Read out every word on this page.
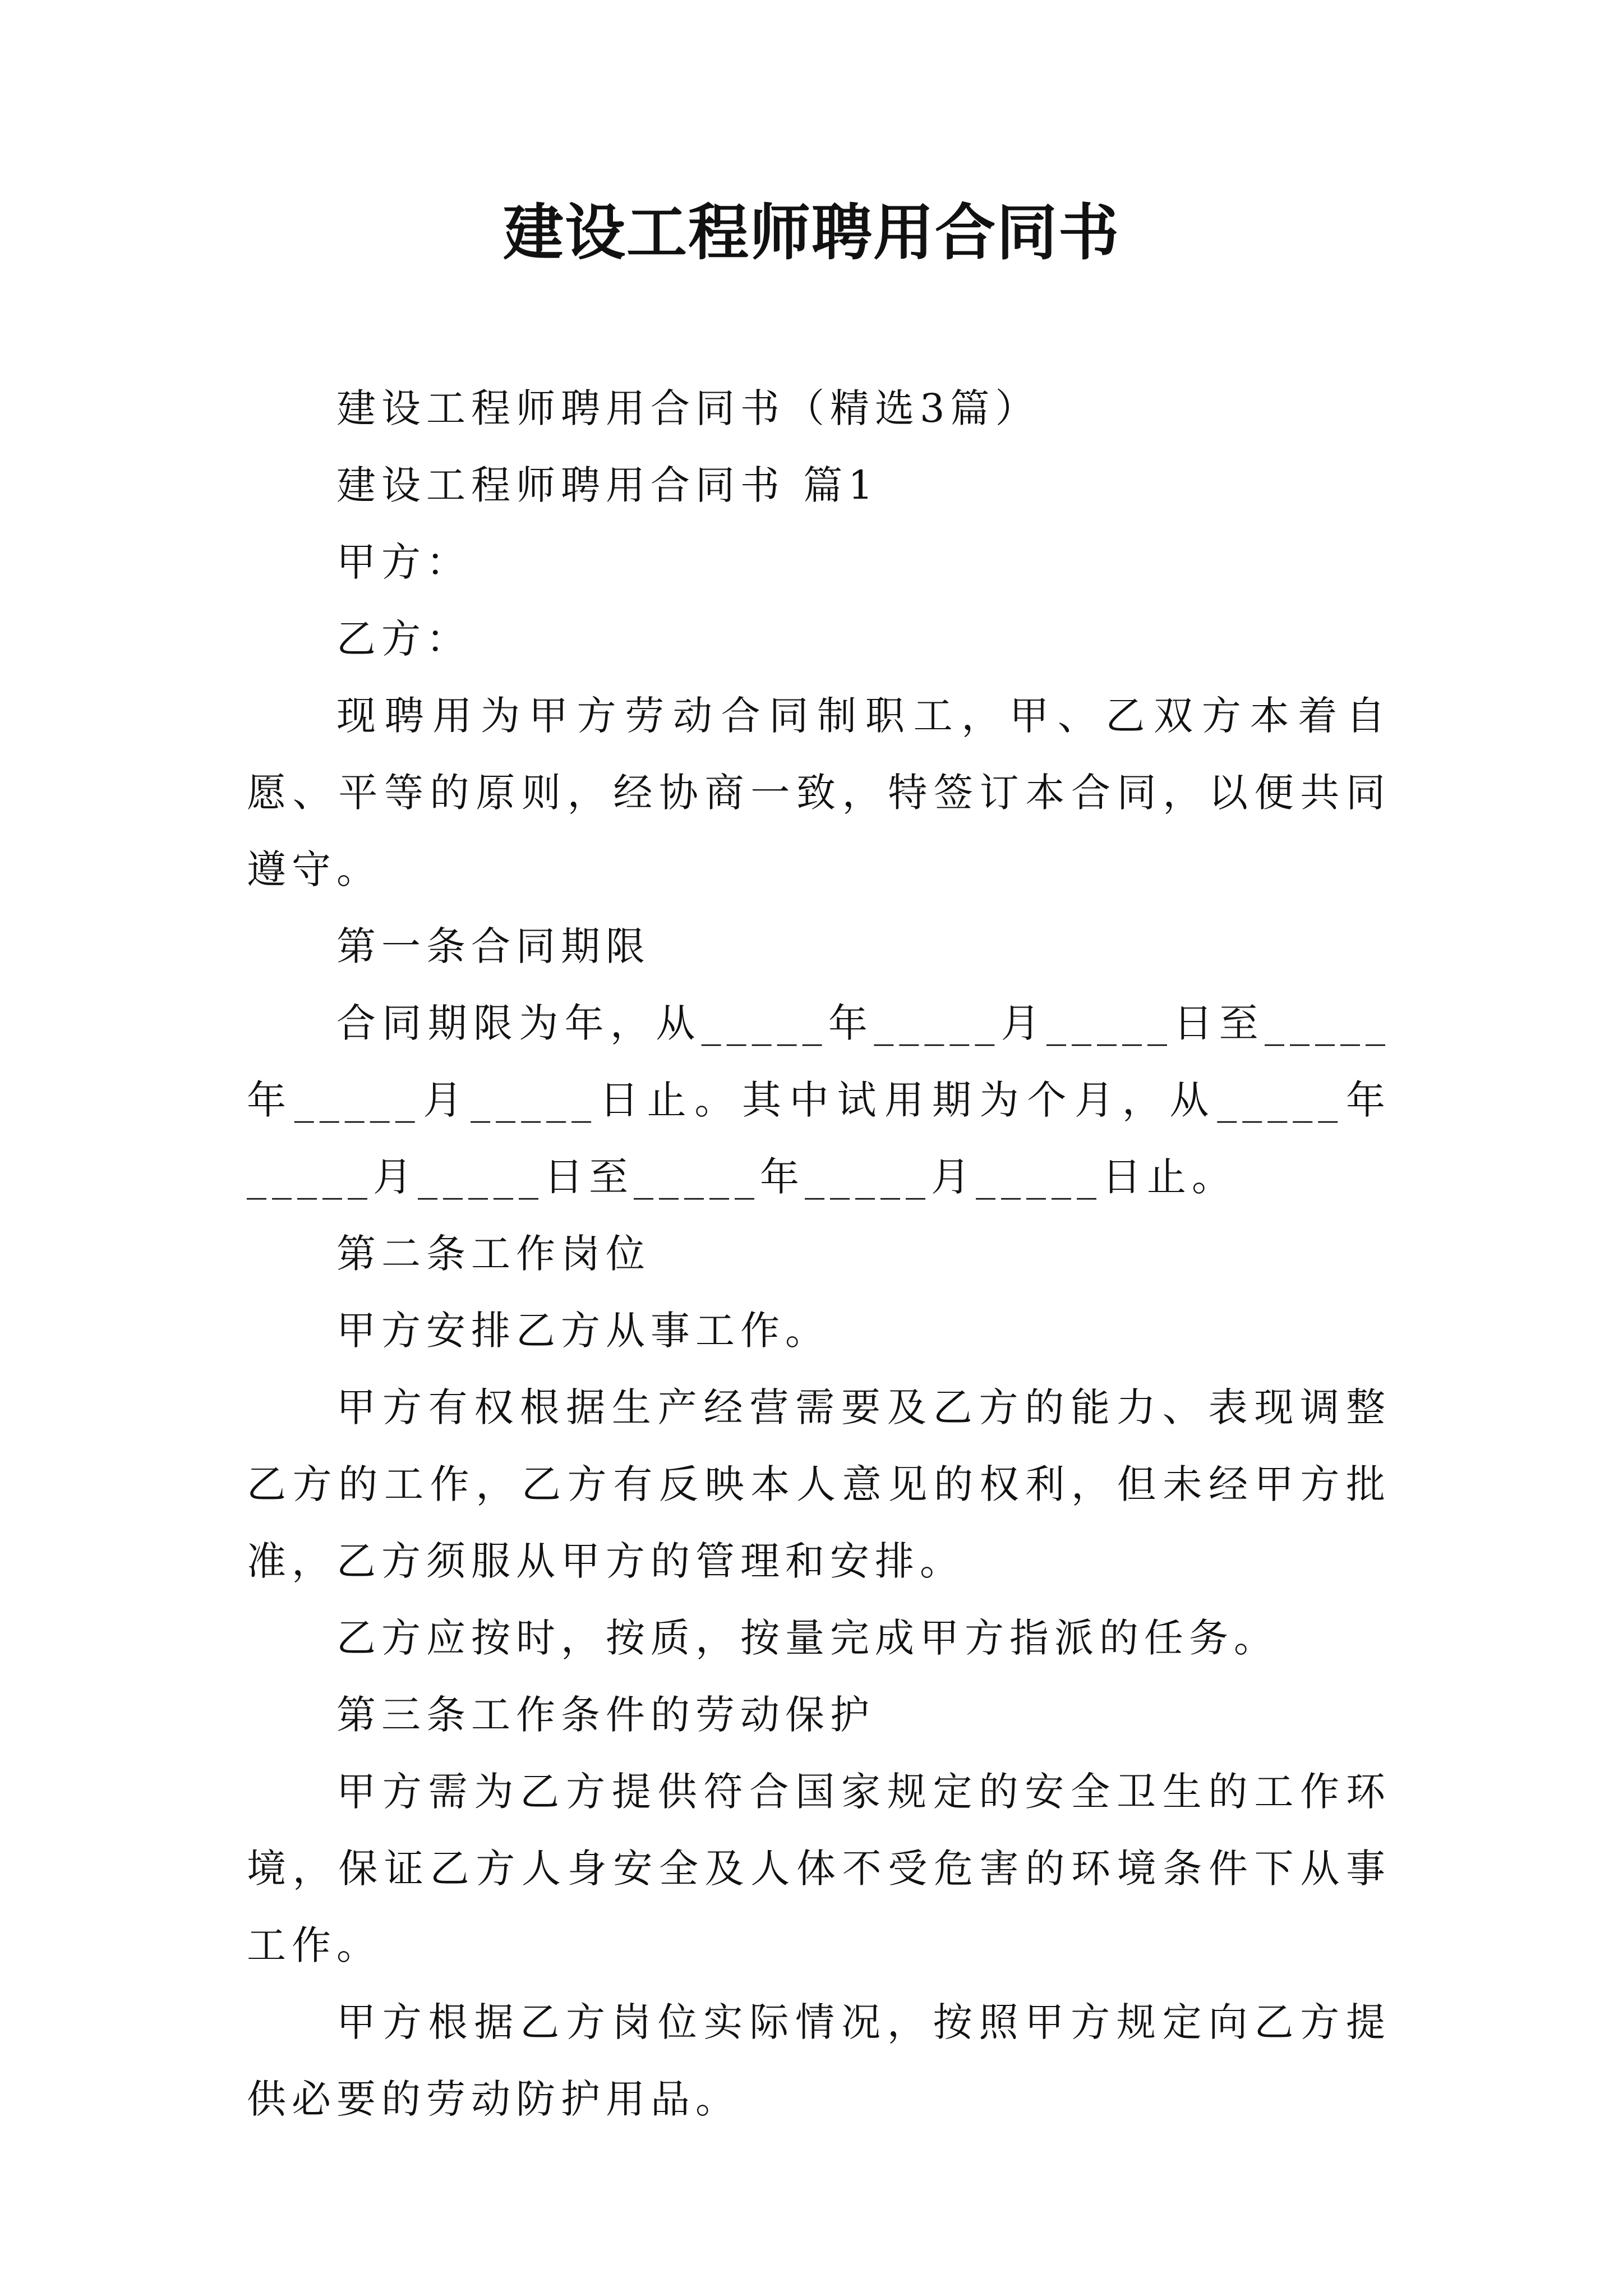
建设工程师聘用合同书

建设工程师聘用合同书（精选3篇）

建设工程师聘用合同书 篇1

甲方：

乙方：

现聘用为甲方劳动合同制职工，甲、乙双方本着自愿、平等的原则，经协商一致，特签订本合同，以便共同遵守。

第一条合同期限

合同期限为年，从_____年_____月_____日至_____年_____月_____日止。其中试用期为个月，从_____年_____月_____日至_____年_____月_____日止。

第二条工作岗位

甲方安排乙方从事工作。

甲方有权根据生产经营需要及乙方的能力、表现调整乙方的工作，乙方有反映本人意见的权利，但未经甲方批准，乙方须服从甲方的管理和安排。

乙方应按时，按质，按量完成甲方指派的任务。

第三条工作条件的劳动保护

甲方需为乙方提供符合国家规定的安全卫生的工作环境，保证乙方人身安全及人体不受危害的环境条件下从事工作。

甲方根据乙方岗位实际情况，按照甲方规定向乙方提供必要的劳动防护用品。
